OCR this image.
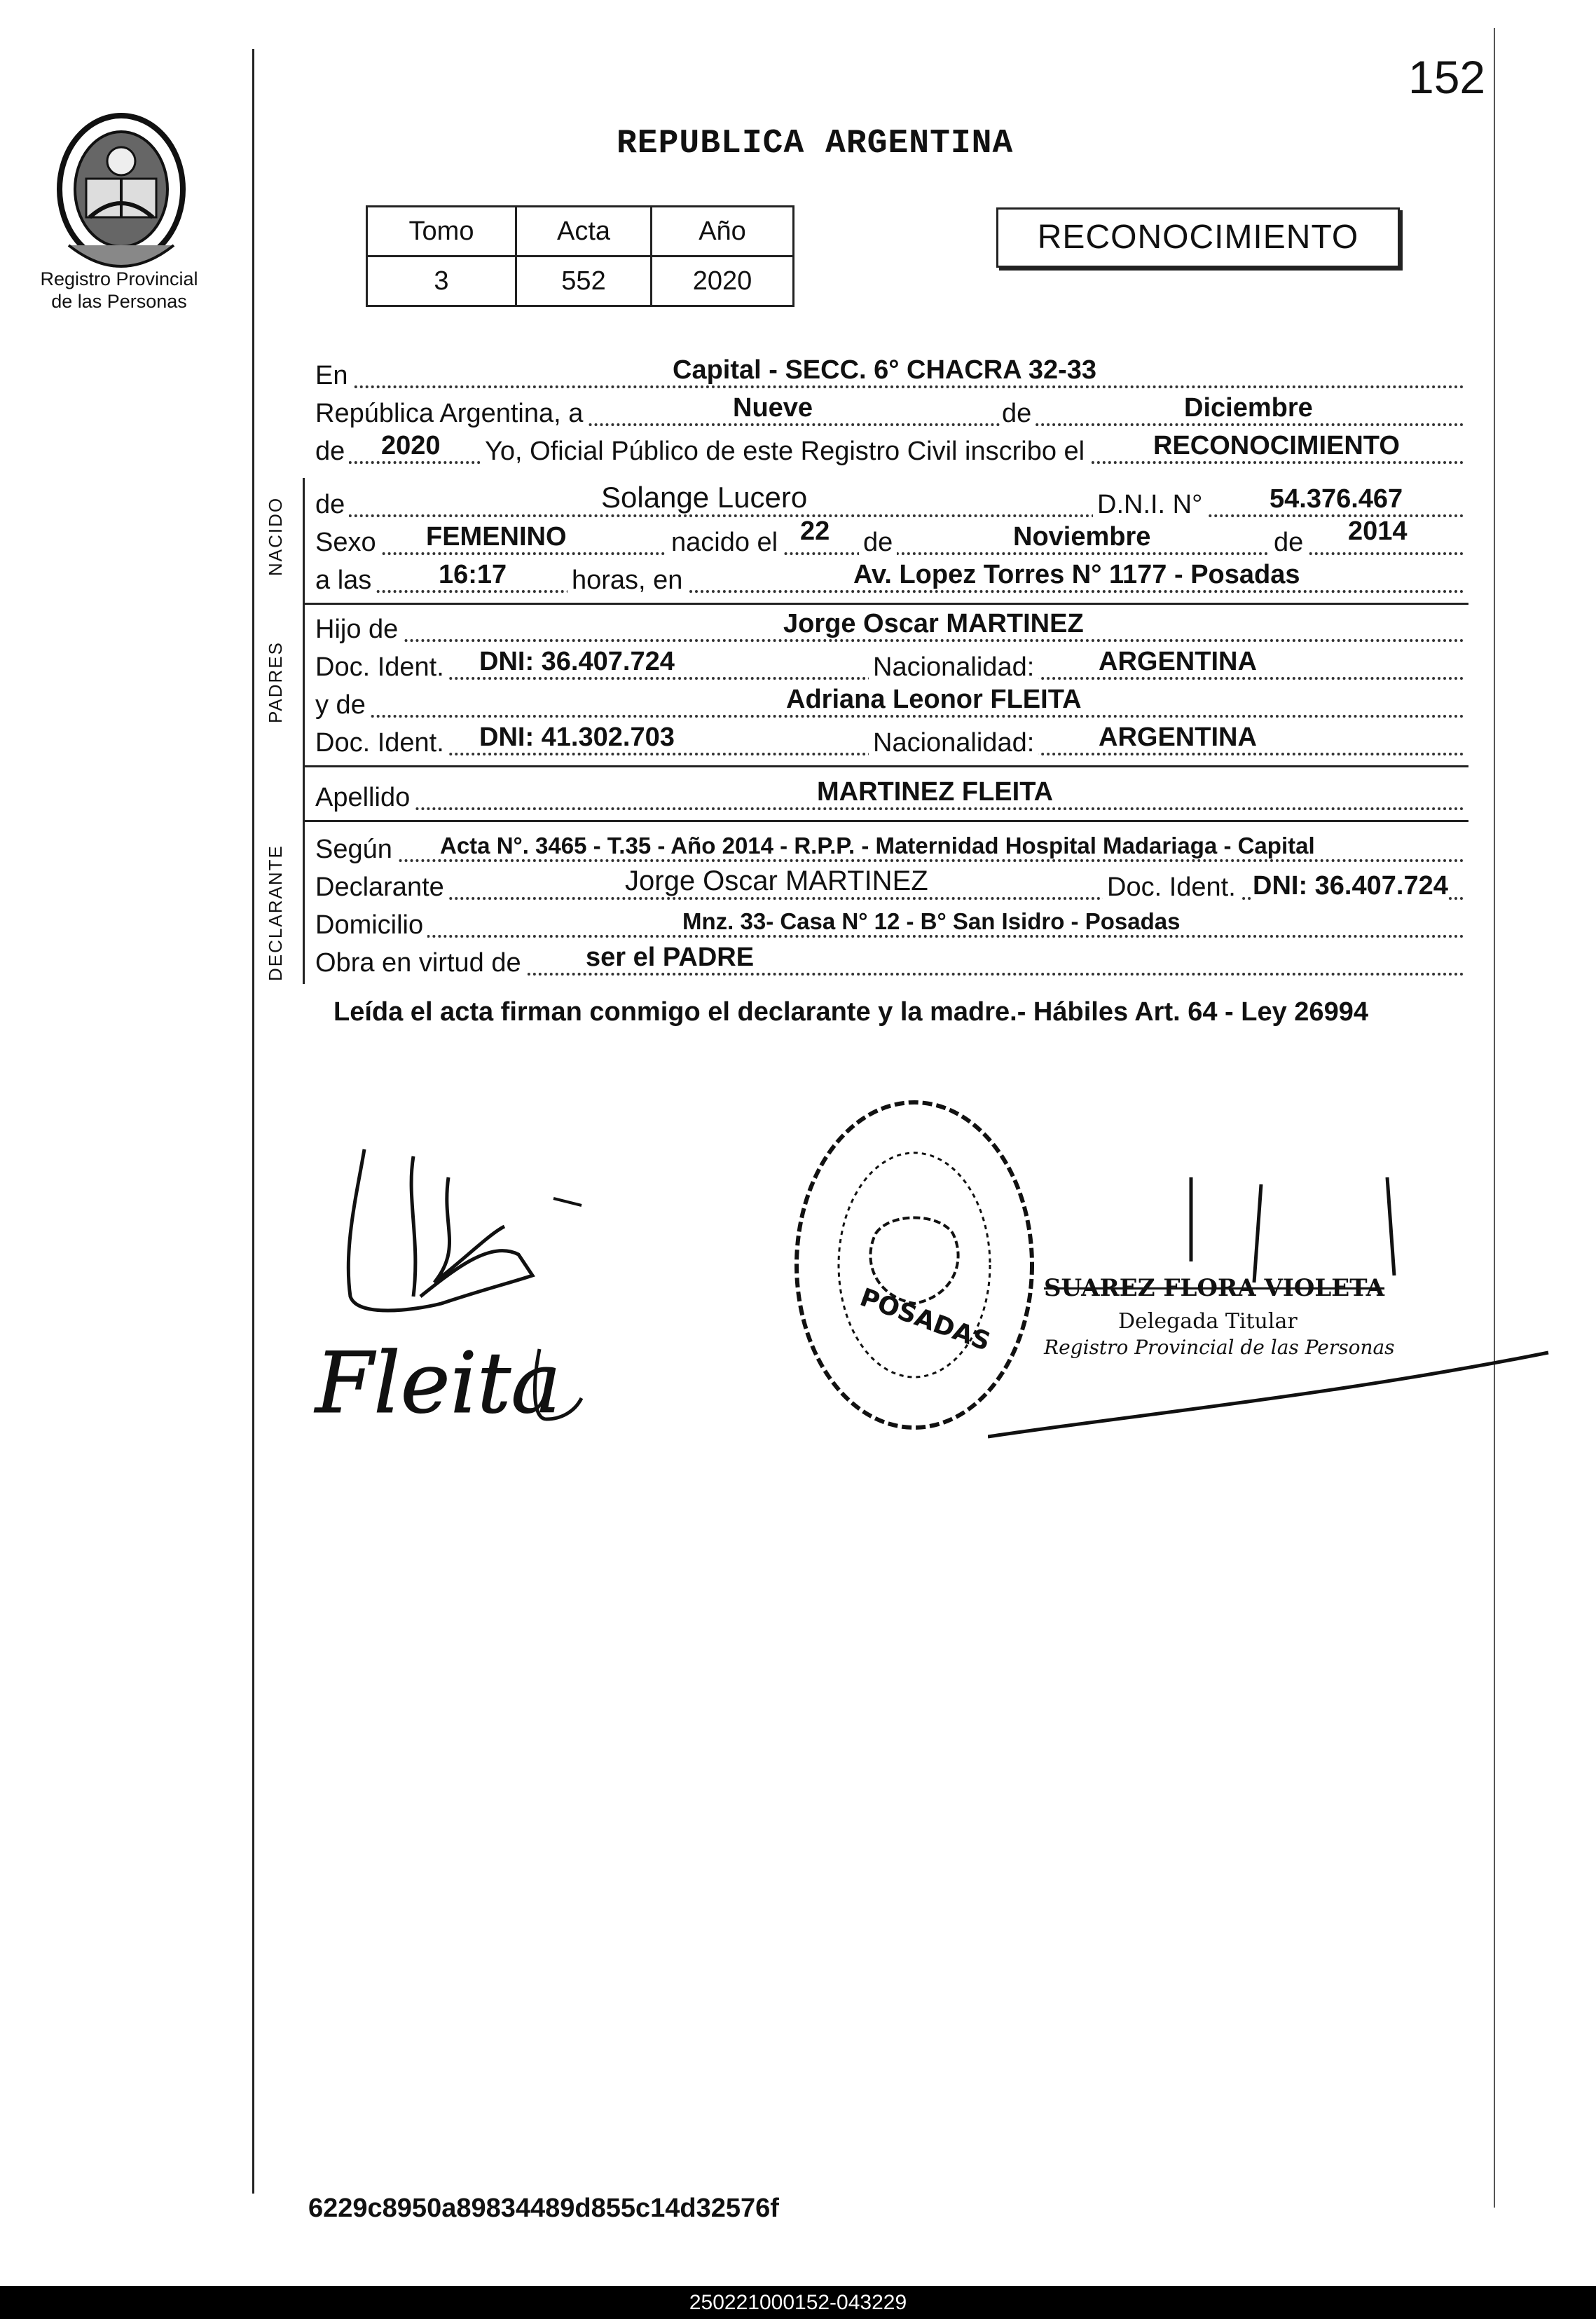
Registro Provincial
de las Personas
152
REPUBLICA ARGENTINA
Tomo	Acta	Año
3	552	2020
RECONOCIMIENTO
En	Capital - SECC. 6° CHACRA 32-33
República Argentina, a	Nueve	de	Diciembre
de 2020 Yo, Oficial Público de este Registro Civil inscribo el	RECONOCIMIENTO
NACIDO de	Solange Lucero	D.N.I. N°	54.376.467
Sexo FEMENINO	nacido el 22 de	Noviembre	de 2014
a las	16:17 horas, en	Av. Lopez Torres N° 1177 - Posadas
PADRES
Hijo de	Jorge Oscar MARTINEZ
Doc. Ident. DNI: 36.407.724	Nacionalidad: ARGENTINA
y de	Adriana Leonor FLEITA
Doc. Ident. DNI: 41.302.703	Nacionalidad: ARGENTINA
Apellido	MARTINEZ FLEITA
DECLARANTE Según Acta N°. 3465 - T.35 - Año 2014 - R.P.P. - Maternidad Hospital Madariaga - Capital
Declarante	Jorge Oscar MARTINEZ	Doc. Ident. DNI: 36.407.724
Domicilio	Mnz. 33- Casa N° 12 - B° San Isidro - Posadas
Obra en virtud de ser el PADRE
Leída el acta firman conmigo el declarante y la madre.- Hábiles Art. 64 - Ley 26994
Fleita
POSADAS SUAREZ FLORA VIOLETA
Delegada Titular
Registro Provincial de las Personas
6229c8950a89834489d855c14d32576f
250221000152-043229
